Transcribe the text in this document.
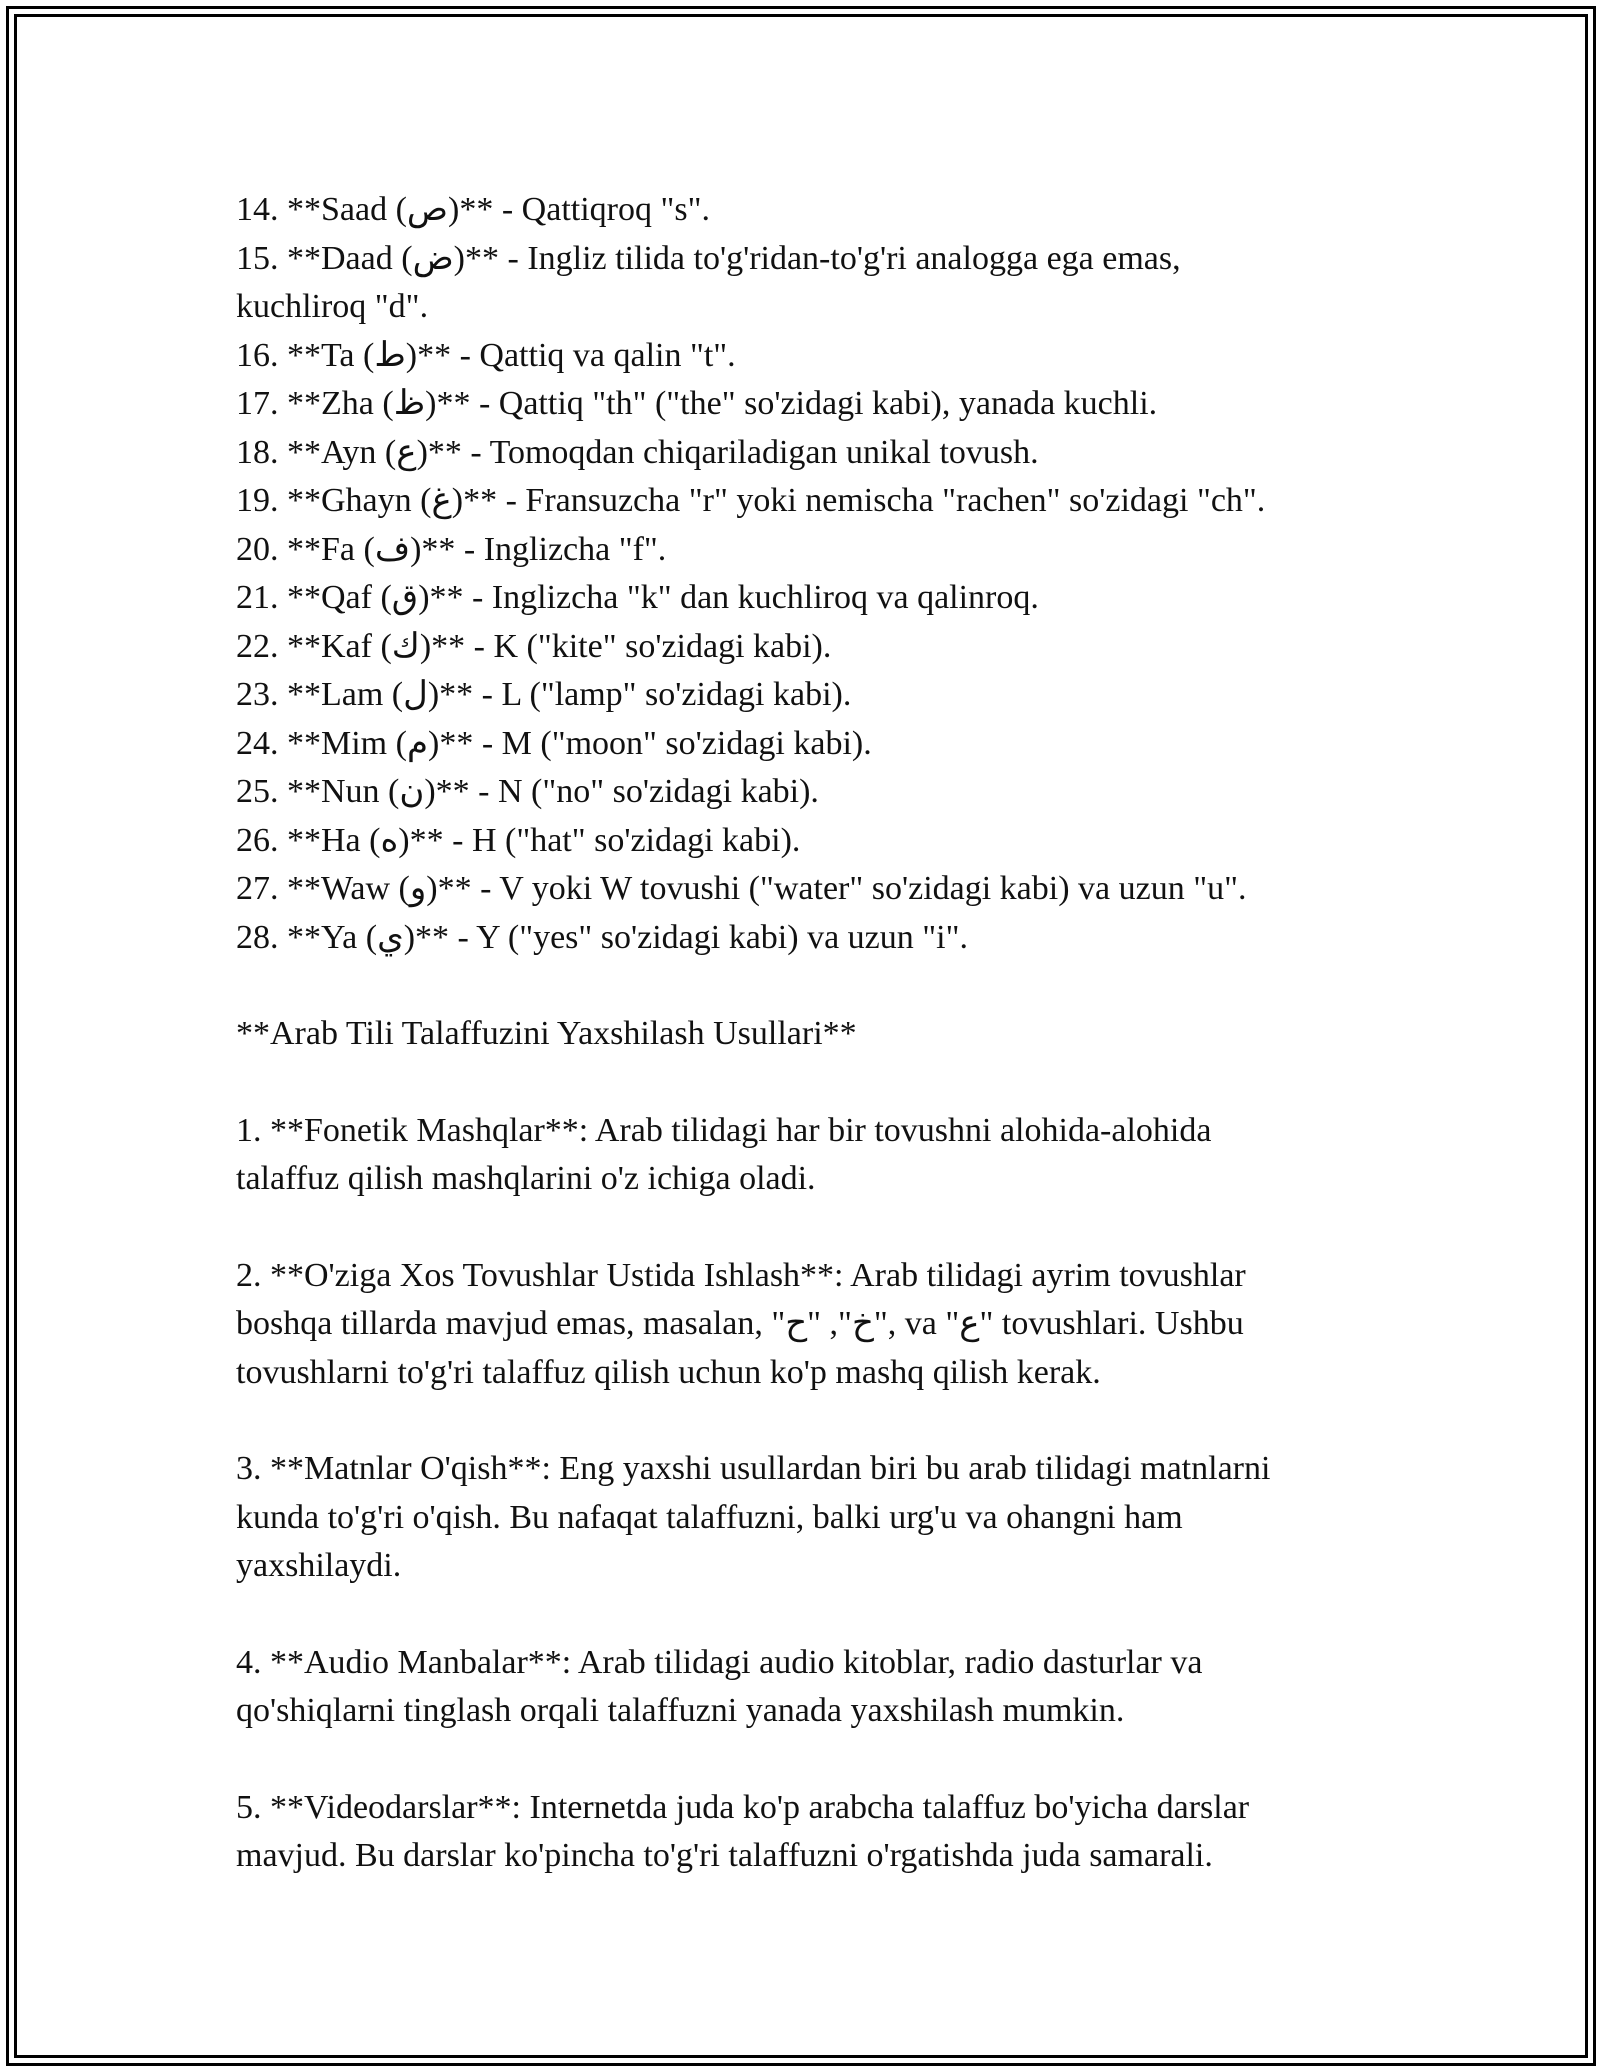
14. **Saad (ص)** - Qattiqroq "s".

15. **Daad (ض)** - Ingliz tilida to'g'ridan-to'g'ri analogga ega emas,

kuchliroq "d".

16. **Ta (ط)** - Qattiq va qalin "t".

17. **Zha (ظ)** - Qattiq "th" ("the" so'zidagi kabi), yanada kuchli.

18. **Ayn (ع)** - Tomoqdan chiqariladigan unikal tovush.

19. **Ghayn (غ)** - Fransuzcha "r" yoki nemischa "rachen" so'zidagi "ch".

20. **Fa (ف)** - Inglizcha "f".

21. **Qaf (ق)** - Inglizcha "k" dan kuchliroq va qalinroq.

22. **Kaf (ك)** - K ("kite" so'zidagi kabi).

23. **Lam (ل)** - L ("lamp" so'zidagi kabi).

24. **Mim (م)** - M ("moon" so'zidagi kabi).

25. **Nun (ن)** - N ("no" so'zidagi kabi).

26. **Ha (ه)** - H ("hat" so'zidagi kabi).

27. **Waw (و)** - V yoki W tovushi ("water" so'zidagi kabi) va uzun "u".

28. **Ya (ي)** - Y ("yes" so'zidagi kabi) va uzun "i".

**Arab Tili Talaffuzini Yaxshilash Usullari**

1. **Fonetik Mashqlar**: Arab tilidagi har bir tovushni alohida-alohida

talaffuz qilish mashqlarini o'z ichiga oladi.

2. **O'ziga Xos Tovushlar Ustida Ishlash**: Arab tilidagi ayrim tovushlar

boshqa tillarda mavjud emas, masalan, "خ", "ح", va "ع" tovushlari. Ushbu

tovushlarni to'g'ri talaffuz qilish uchun ko'p mashq qilish kerak.

3. **Matnlar O'qish**: Eng yaxshi usullardan biri bu arab tilidagi matnlarni

kunda to'g'ri o'qish. Bu nafaqat talaffuzni, balki urg'u va ohangni ham

yaxshilaydi.

4. **Audio Manbalar**: Arab tilidagi audio kitoblar, radio dasturlar va

qo'shiqlarni tinglash orqali talaffuzni yanada yaxshilash mumkin.

5. **Videodarslar**: Internetda juda ko'p arabcha talaffuz bo'yicha darslar

mavjud. Bu darslar ko'pincha to'g'ri talaffuzni o'rgatishda juda samarali.
